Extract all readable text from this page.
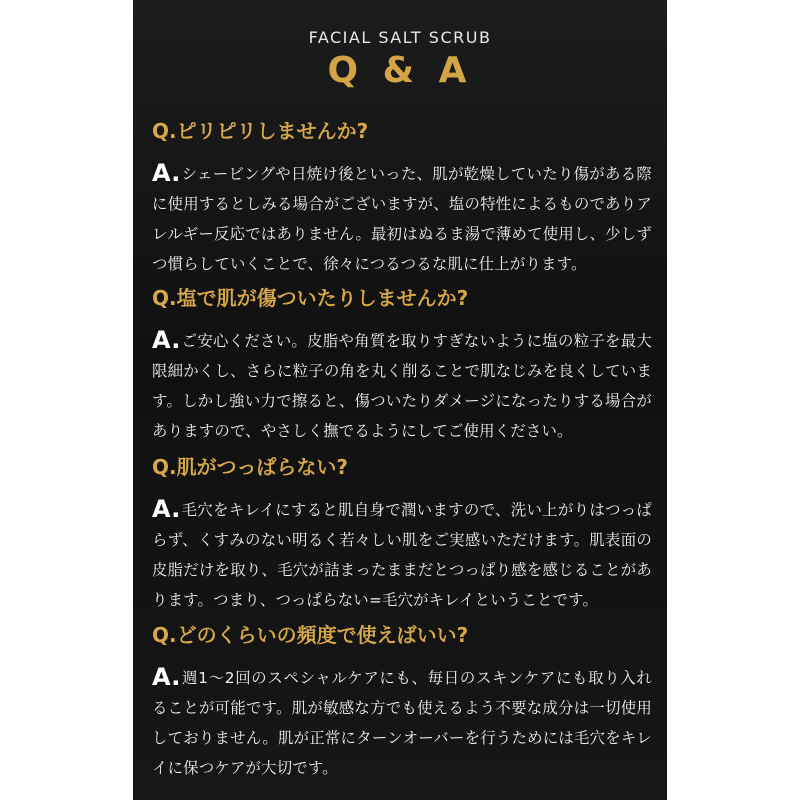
FACIAL SALT SCRUB
Q & A
Q.ピリピリしませんか?
A.シェービングや日焼け後といった、肌が乾燥していたり傷がある際に使用するとしみる場合がございますが、塩の特性によるものでありアレルギー反応ではありません。最初はぬるま湯で薄めて使用し、少しずつ慣らしていくことで、徐々につるつるな肌に仕上がります。
Q.塩で肌が傷ついたりしませんか?
A.ご安心ください。皮脂や角質を取りすぎないように塩の粒子を最大限細かくし、さらに粒子の角を丸く削ることで肌なじみを良くしています。しかし強い力で擦ると、傷ついたりダメージになったりする場合がありますので、やさしく撫でるようにしてご使用ください。
Q.肌がつっぱらない?
A.毛穴をキレイにすると肌自身で潤いますので、洗い上がりはつっぱらず、くすみのない明るく若々しい肌をご実感いただけます。肌表面の皮脂だけを取り、毛穴が詰まったままだとつっぱり感を感じることがあります。つまり、つっぱらない=毛穴がキレイということです。
Q.どのくらいの頻度で使えばいい?
A.週1〜2回のスペシャルケアにも、毎日のスキンケアにも取り入れることが可能です。肌が敏感な方でも使えるよう不要な成分は一切使用しておりません。肌が正常にターンオーバーを行うためには毛穴をキレイに保つケアが大切です。
